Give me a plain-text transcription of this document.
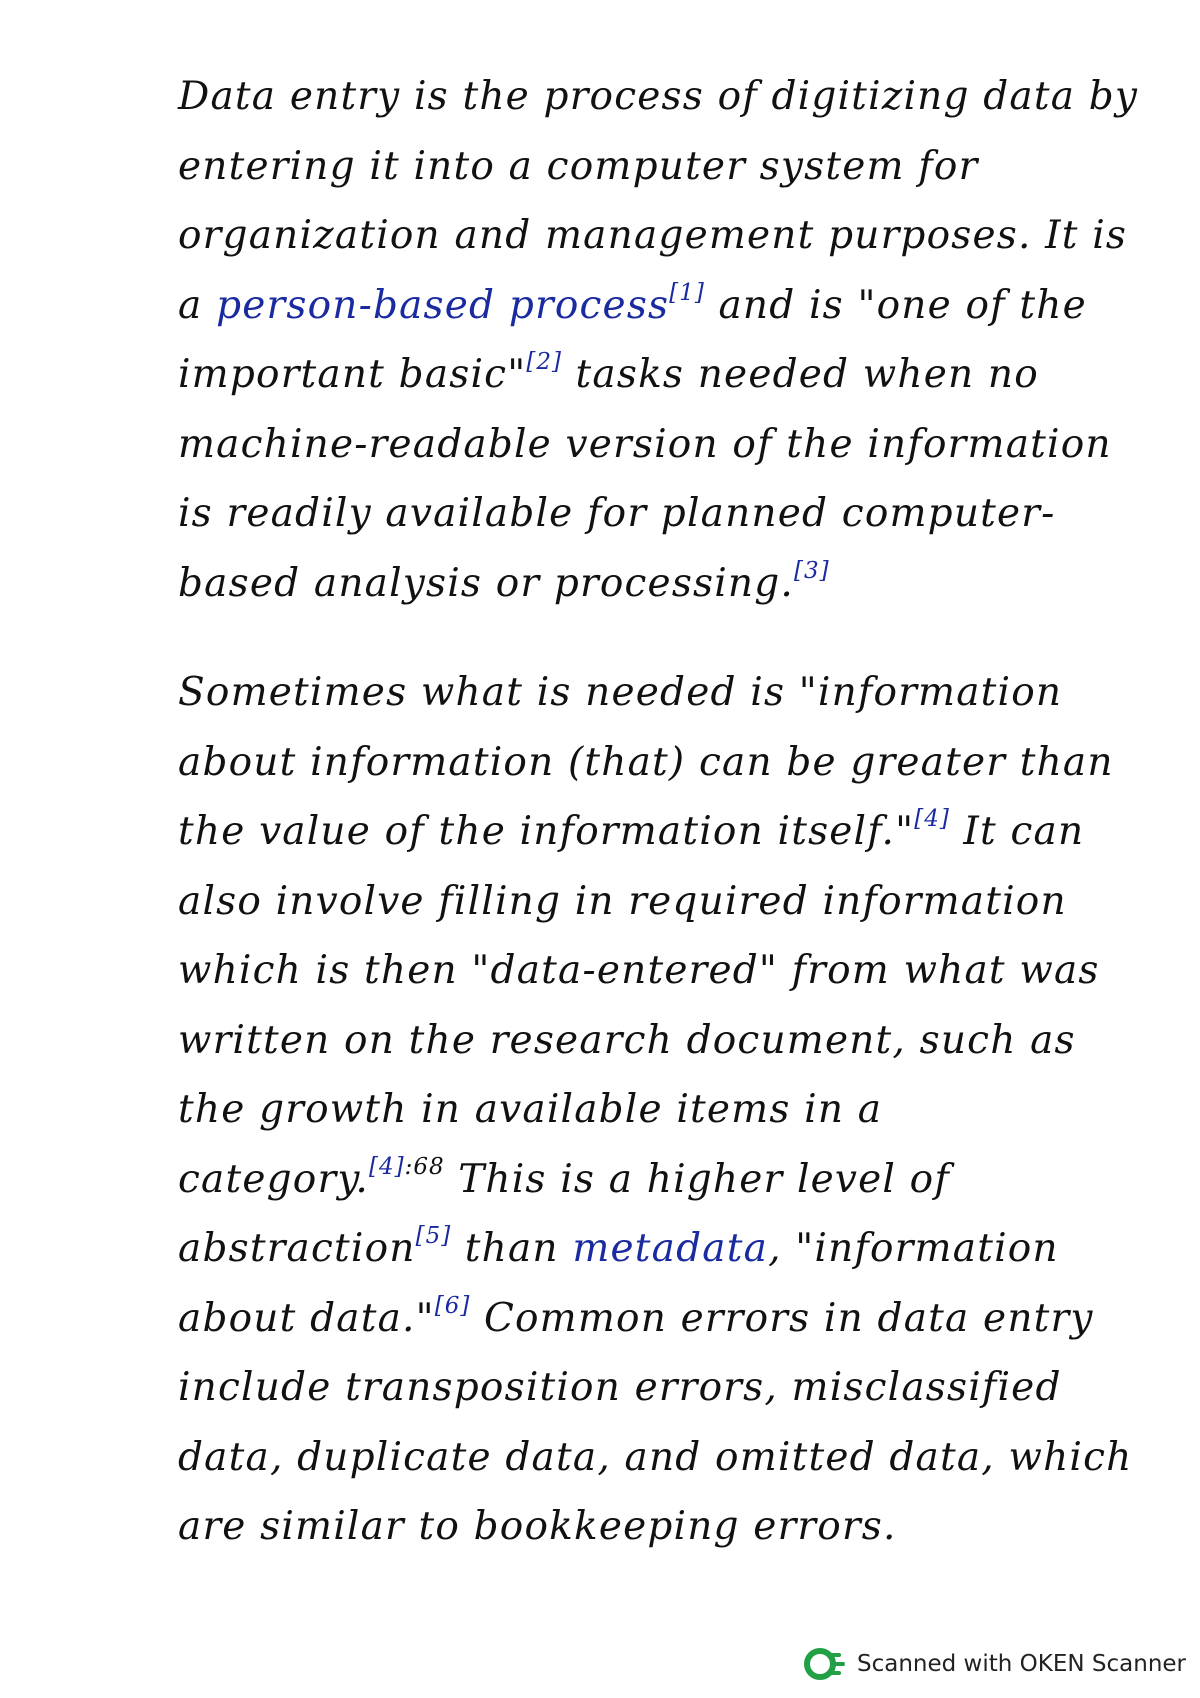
Data entry is the process of digitizing data by
entering it into a computer system for
organization and management purposes. It is
a person-based process[1] and is "one of the
important basic"[2] tasks needed when no
machine-readable version of the information
is readily available for planned computer-
based analysis or processing.[3]
Sometimes what is needed is "information
about information (that) can be greater than
the value of the information itself."[4] It can
also involve filling in required information
which is then "data-entered" from what was
written on the research document, such as
the growth in available items in a
category.$^{[4]:68}$ This is a higher level of
abstraction[5] than metadata, "information
about data."[6] Common errors in data entry
include transposition errors, misclassified
data, duplicate data, and omitted data, which
are similar to bookkeeping errors.
Scanned with OKEN Scanner
